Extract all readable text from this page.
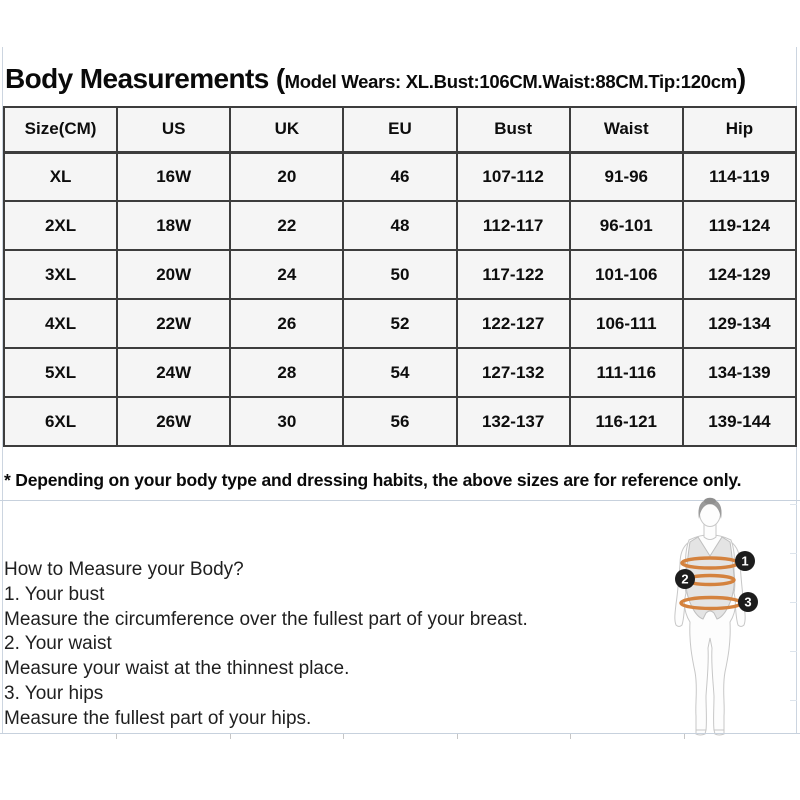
Body Measurements ( Model Wears: XL.Bust:106CM.Waist:88CM.Tip:120cm )
Size(CM)	US	UK	EU	Bust	Waist	Hip
XL	16W	20	46	107-112	91-96	114-119
2XL	18W	22	48	112-117	96-101	119-124
3XL	20W	24	50	117-122	101-106	124-129
4XL	22W	26	52	122-127	106-111	129-134
5XL	24W	28	54	127-132	111-116	134-139
6XL	26W	30	56	132-137	116-121	139-144
* Depending on your body type and dressing habits, the above sizes are for reference only.
How to Measure your Body?
1. Your bust
Measure the circumference over the fullest part of your breast.
2. Your waist
Measure your waist at the thinnest place.
3. Your hips
Measure the fullest part of your hips.
1
2
3
